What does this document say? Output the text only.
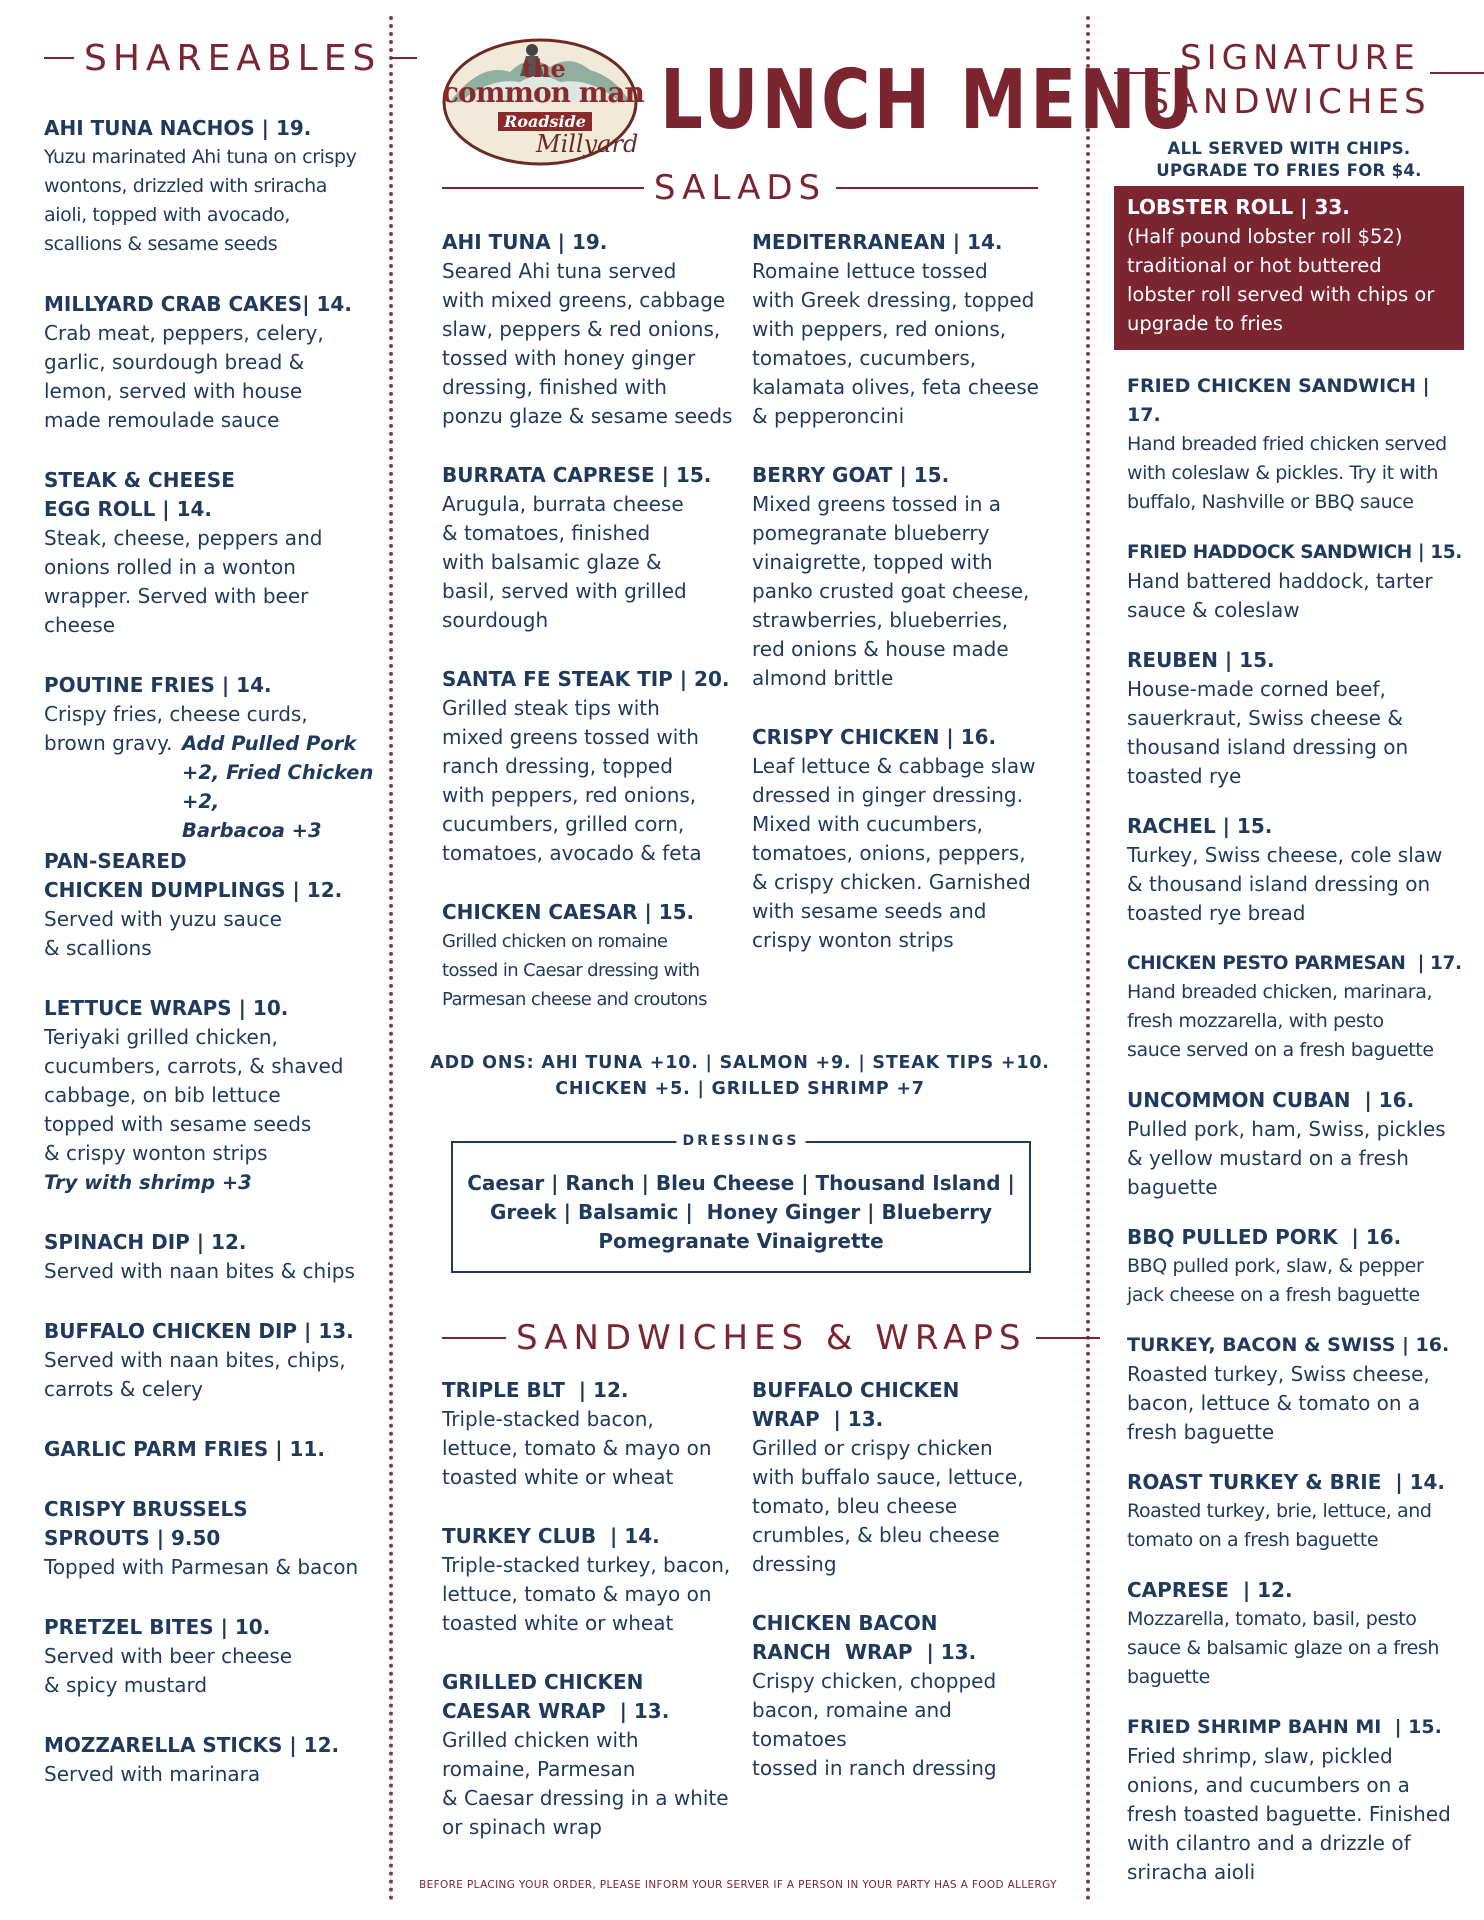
SHAREABLES
AHI TUNA NACHOS | 19.
Yuzu marinated Ahi tuna on crispy
wontons, drizzled with sriracha
aioli, topped with avocado,
scallions & sesame seeds
MILLYARD CRAB CAKES| 14.
Crab meat, peppers, celery,
garlic, sourdough bread &
lemon, served with house
made remoulade sauce
STEAK & CHEESE
EGG ROLL | 14.
Steak, cheese, peppers and
onions rolled in a wonton
wrapper. Served with beer
cheese
POUTINE FRIES | 14.
Crispy fries, cheese curds,
brown gravy. Add Pulled Pork
+2, Fried Chicken +2,
Barbacoa +3
PAN-SEARED
CHICKEN DUMPLINGS | 12.
Served with yuzu sauce
& scallions
LETTUCE WRAPS | 10.
Teriyaki grilled chicken,
cucumbers, carrots, & shaved
cabbage, on bib lettuce
topped with sesame seeds
& crispy wonton strips
Try with shrimp +3
SPINACH DIP | 12.
Served with naan bites & chips
BUFFALO CHICKEN DIP | 13.
Served with naan bites, chips,
carrots & celery
GARLIC PARM FRIES | 11.
CRISPY BRUSSELS
SPROUTS | 9.50
Topped with Parmesan & bacon
PRETZEL BITES | 10.
Served with beer cheese
& spicy mustard
MOZZARELLA STICKS | 12.
Served with marinara
the
common man
Roadside
Millyard LUNCH MENU
SALADS
AHI TUNA | 19.
Seared Ahi tuna served
with mixed greens, cabbage
slaw, peppers & red onions,
tossed with honey ginger
dressing, finished with
ponzu glaze & sesame seeds
BURRATA CAPRESE | 15.
Arugula, burrata cheese
& tomatoes, finished
with balsamic glaze &
basil, served with grilled
sourdough
SANTA FE STEAK TIP | 20.
Grilled steak tips with
mixed greens tossed with
ranch dressing, topped
with peppers, red onions,
cucumbers, grilled corn,
tomatoes, avocado & feta
CHICKEN CAESAR | 15.
Grilled chicken on romaine
tossed in Caesar dressing with
Parmesan cheese and croutons
MEDITERRANEAN | 14.
Romaine lettuce tossed
with Greek dressing, topped
with peppers, red onions,
tomatoes, cucumbers,
kalamata olives, feta cheese
& pepperoncini
BERRY GOAT | 15.
Mixed greens tossed in a
pomegranate blueberry
vinaigrette, topped with
panko crusted goat cheese,
strawberries, blueberries,
red onions & house made
almond brittle
CRISPY CHICKEN | 16.
Leaf lettuce & cabbage slaw
dressed in ginger dressing.
Mixed with cucumbers,
tomatoes, onions, peppers,
& crispy chicken. Garnished
with sesame seeds and
crispy wonton strips
ADD ONS: AHI TUNA +10. | SALMON +9. | STEAK TIPS +10.
CHICKEN +5. | GRILLED SHRIMP +7
DRESSINGS
Caesar | Ranch | Bleu Cheese | Thousand Island |
Greek | Balsamic |  Honey Ginger | Blueberry
Pomegranate Vinaigrette
SANDWICHES & WRAPS
TRIPLE BLT  | 12.
Triple-stacked bacon,
lettuce, tomato & mayo on
toasted white or wheat
TURKEY CLUB  | 14.
Triple-stacked turkey, bacon,
lettuce, tomato & mayo on
toasted white or wheat
GRILLED CHICKEN
CAESAR WRAP  | 13.
Grilled chicken with
romaine, Parmesan
& Caesar dressing in a white
or spinach wrap
BUFFALO CHICKEN
WRAP  | 13.
Grilled or crispy chicken
with buffalo sauce, lettuce,
tomato, bleu cheese
crumbles, & bleu cheese
dressing
CHICKEN BACON
RANCH  WRAP  | 13.
Crispy chicken, chopped
bacon, romaine and tomatoes
tossed in ranch dressing
BEFORE PLACING YOUR ORDER, PLEASE INFORM YOUR SERVER IF A PERSON IN YOUR PARTY HAS A FOOD ALLERGY
SIGNATURE
SANDWICHES
ALL SERVED WITH CHIPS.
UPGRADE TO FRIES FOR $4.
LOBSTER ROLL | 33.
(Half pound lobster roll $52)
traditional or hot buttered
lobster roll served with chips or
upgrade to fries
FRIED CHICKEN SANDWICH | 17.
Hand breaded fried chicken served
with coleslaw & pickles. Try it with
buffalo, Nashville or BBQ sauce
FRIED HADDOCK SANDWICH | 15.
Hand battered haddock, tarter
sauce & coleslaw
REUBEN | 15.
House-made corned beef,
sauerkraut, Swiss cheese &
thousand island dressing on
toasted rye
RACHEL | 15.
Turkey, Swiss cheese, cole slaw
& thousand island dressing on
toasted rye bread
CHICKEN PESTO PARMESAN  | 17.
Hand breaded chicken, marinara,
fresh mozzarella, with pesto
sauce served on a fresh baguette
UNCOMMON CUBAN  | 16.
Pulled pork, ham, Swiss, pickles
& yellow mustard on a fresh
baguette
BBQ PULLED PORK  | 16.
BBQ pulled pork, slaw, & pepper
jack cheese on a fresh baguette
TURKEY, BACON & SWISS | 16.
Roasted turkey, Swiss cheese,
bacon, lettuce & tomato on a
fresh baguette
ROAST TURKEY & BRIE  | 14.
Roasted turkey, brie, lettuce, and
tomato on a fresh baguette
CAPRESE  | 12.
Mozzarella, tomato, basil, pesto
sauce & balsamic glaze on a fresh
baguette
FRIED SHRIMP BAHN MI  | 15.
Fried shrimp, slaw, pickled
onions, and cucumbers on a
fresh toasted baguette. Finished
with cilantro and a drizzle of
sriracha aioli
